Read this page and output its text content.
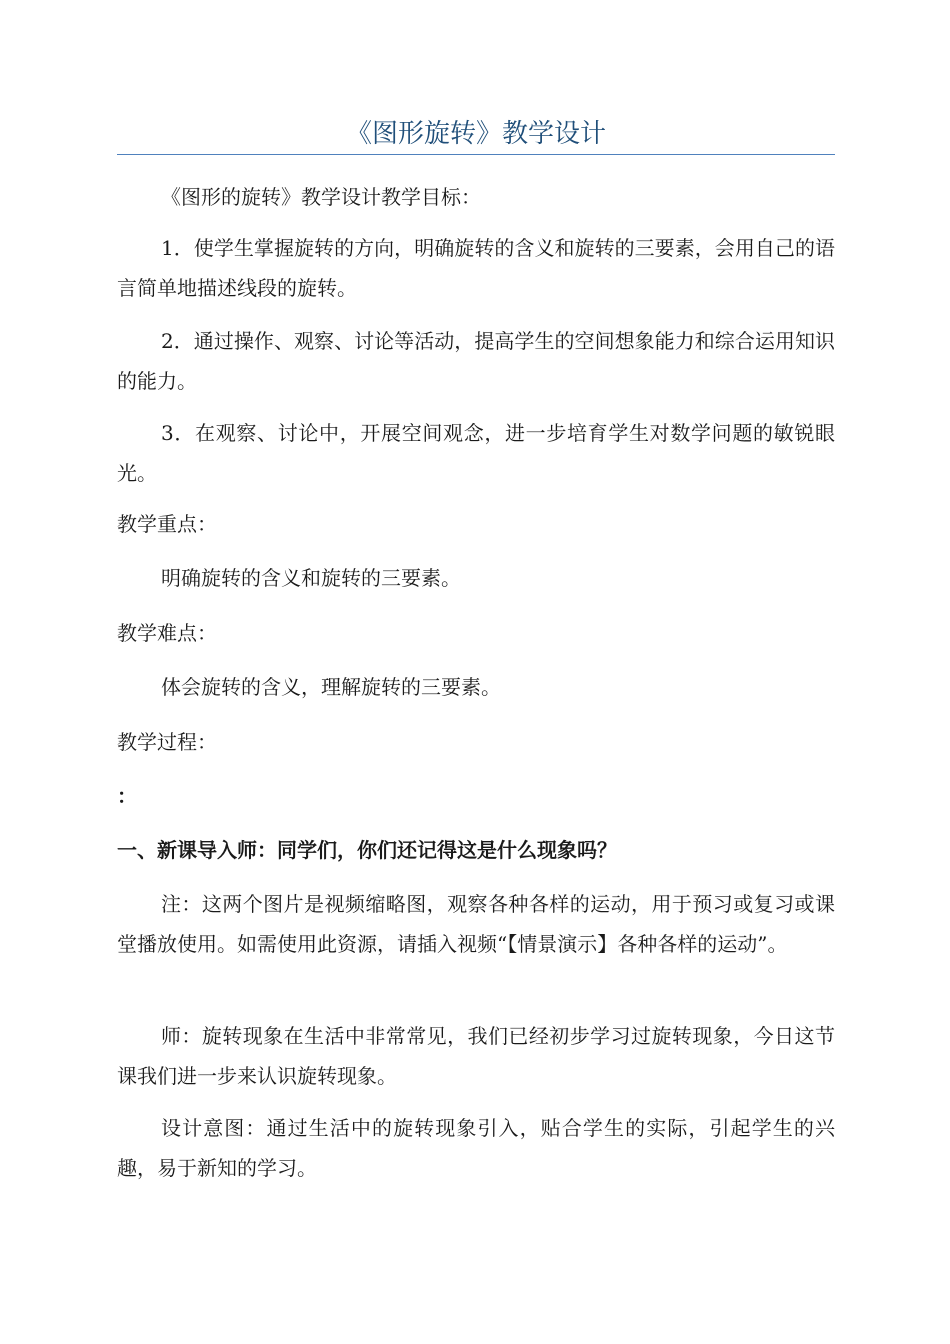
《图形旋转》教学设计

《图形的旋转》教学设计教学目标：

1．使学生掌握旋转的方向，明确旋转的含义和旋转的三要素，会用自己的语言简单地描述线段的旋转。

2．通过操作、观察、讨论等活动，提高学生的空间想象能力和综合运用知识的能力。

3．在观察、讨论中，开展空间观念，进一步培育学生对数学问题的敏锐眼光。

教学重点：

明确旋转的含义和旋转的三要素。

教学难点：

体会旋转的含义，理解旋转的三要素。

教学过程：

：

一、新课导入师：同学们，你们还记得这是什么现象吗？

注：这两个图片是视频缩略图，观察各种各样的运动，用于预习或复习或课堂播放使用。如需使用此资源，请插入视频“【情景演示】各种各样的运动”。

师：旋转现象在生活中非常常见，我们已经初步学习过旋转现象，今日这节课我们进一步来认识旋转现象。

设计意图：通过生活中的旋转现象引入，贴合学生的实际，引起学生的兴趣，易于新知的学习。
